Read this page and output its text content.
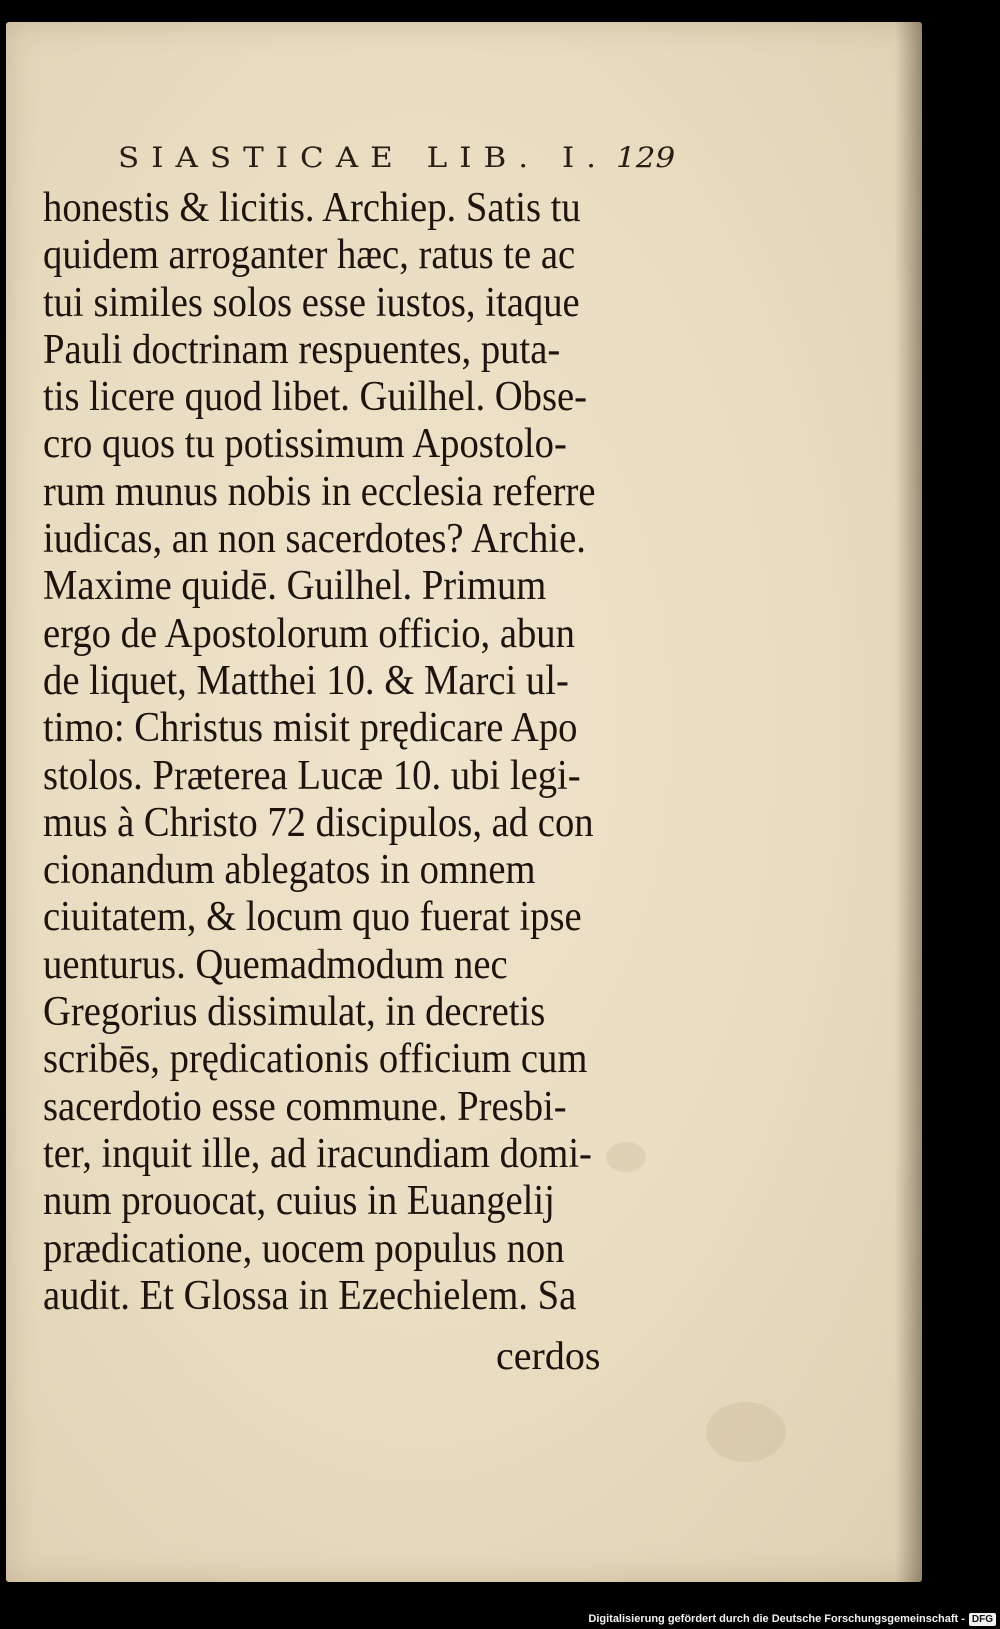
SIASTICAE LIB. I. 129
honestis & licitis. Archiep. Satis tu
quidem arroganter hæc, ratus te ac
tui similes solos esse iustos, itaque
Pauli doctrinam respuentes, puta-
tis licere quod libet. Guilhel. Obse-
cro quos tu potissimum Apostolo-
rum munus nobis in ecclesia referre
iudicas, an non sacerdotes? Archie.
Maxime quidē. Guilhel. Primum
ergo de Apostolorum officio, abun
de liquet, Matthei 10. & Marci ul-
timo: Christus misit prędicare Apo
stolos. Præterea Lucæ 10. ubi legi-
mus à Christo 72 discipulos, ad con
cionandum ablegatos in omnem
ciuitatem, & locum quo fuerat ipse
uenturus. Quemadmodum nec
Gregorius dissimulat, in decretis
scribēs, prędicationis officium cum
sacerdotio esse commune. Presbi-
ter, inquit ille, ad iracundiam domi-
num prouocat, cuius in Euangelij
prædicatione, uocem populus non
audit. Et Glossa in Ezechielem. Sa
cerdos
Digitalisierung gefördert durch die Deutsche Forschungsgemeinschaft - DFG
